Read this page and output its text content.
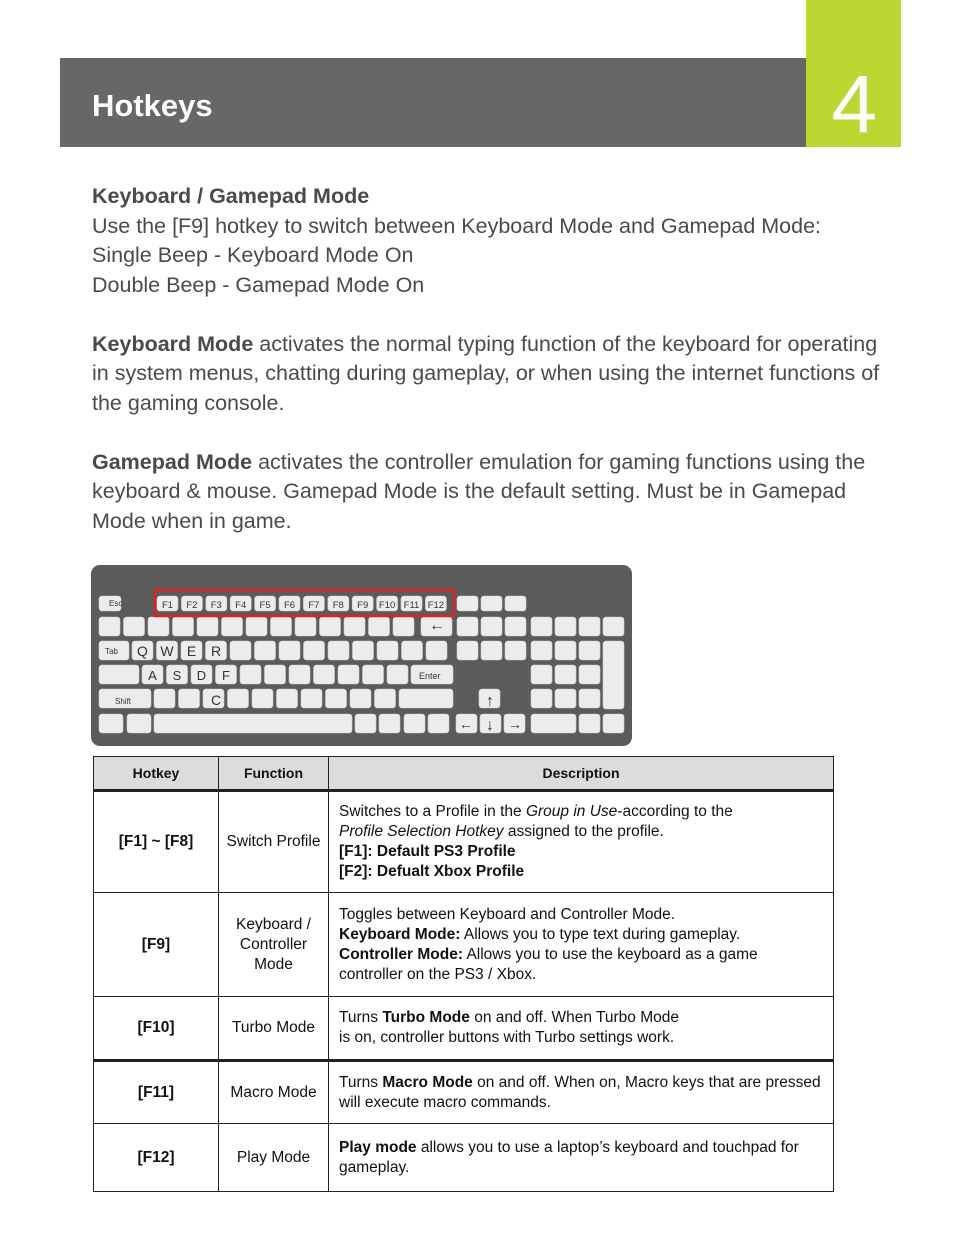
Hotkeys	4

Keyboard / Gamepad Mode

Use the [F9] hotkey to switch between Keyboard Mode and Gamepad Mode:

Single Beep - Keyboard Mode On

Double Beep - Gamepad Mode On

Keyboard Mode activates the normal typing function of the keyboard for operating in system menus, chatting during gameplay, or when using the internet functions of the gaming console.

Gamepad Mode activates the controller emulation for gaming functions using the keyboard & mouse. Gamepad Mode is the default setting. Must be in Gamepad Mode when in game.

Esc
Tab
Shift
Enter
C
←
↑
← ↓ →
F1 F2 F3 F4 F5 F6 F7 F8 F9 F10 F11 F12
Q W E R
A S D F
Hotkey	Function	Description
[F1] ~ [F8]	Switch Profile	Switches to a Profile in the Group in Use-according to the
Profile Selection Hotkey assigned to the profile.
[F1]: Default PS3 Profile
[F2]: Defualt Xbox Profile

[F9]	Keyboard / Controller Mode	Toggles between Keyboard and Controller Mode.
Keyboard Mode: Allows you to type text during gameplay.
Controller Mode: Allows you to use the keyboard as a game controller on the PS3 / Xbox.

[F10]	Turbo Mode	Turns Turbo Mode on and off. When Turbo Mode
is on, controller buttons with Turbo settings work.

[F11]	Macro Mode	Turns Macro Mode on and off. When on, Macro keys that are pressed will execute macro commands.

[F12]	Play Mode	Play mode allows you to use a laptop’s keyboard and touchpad for gameplay.
